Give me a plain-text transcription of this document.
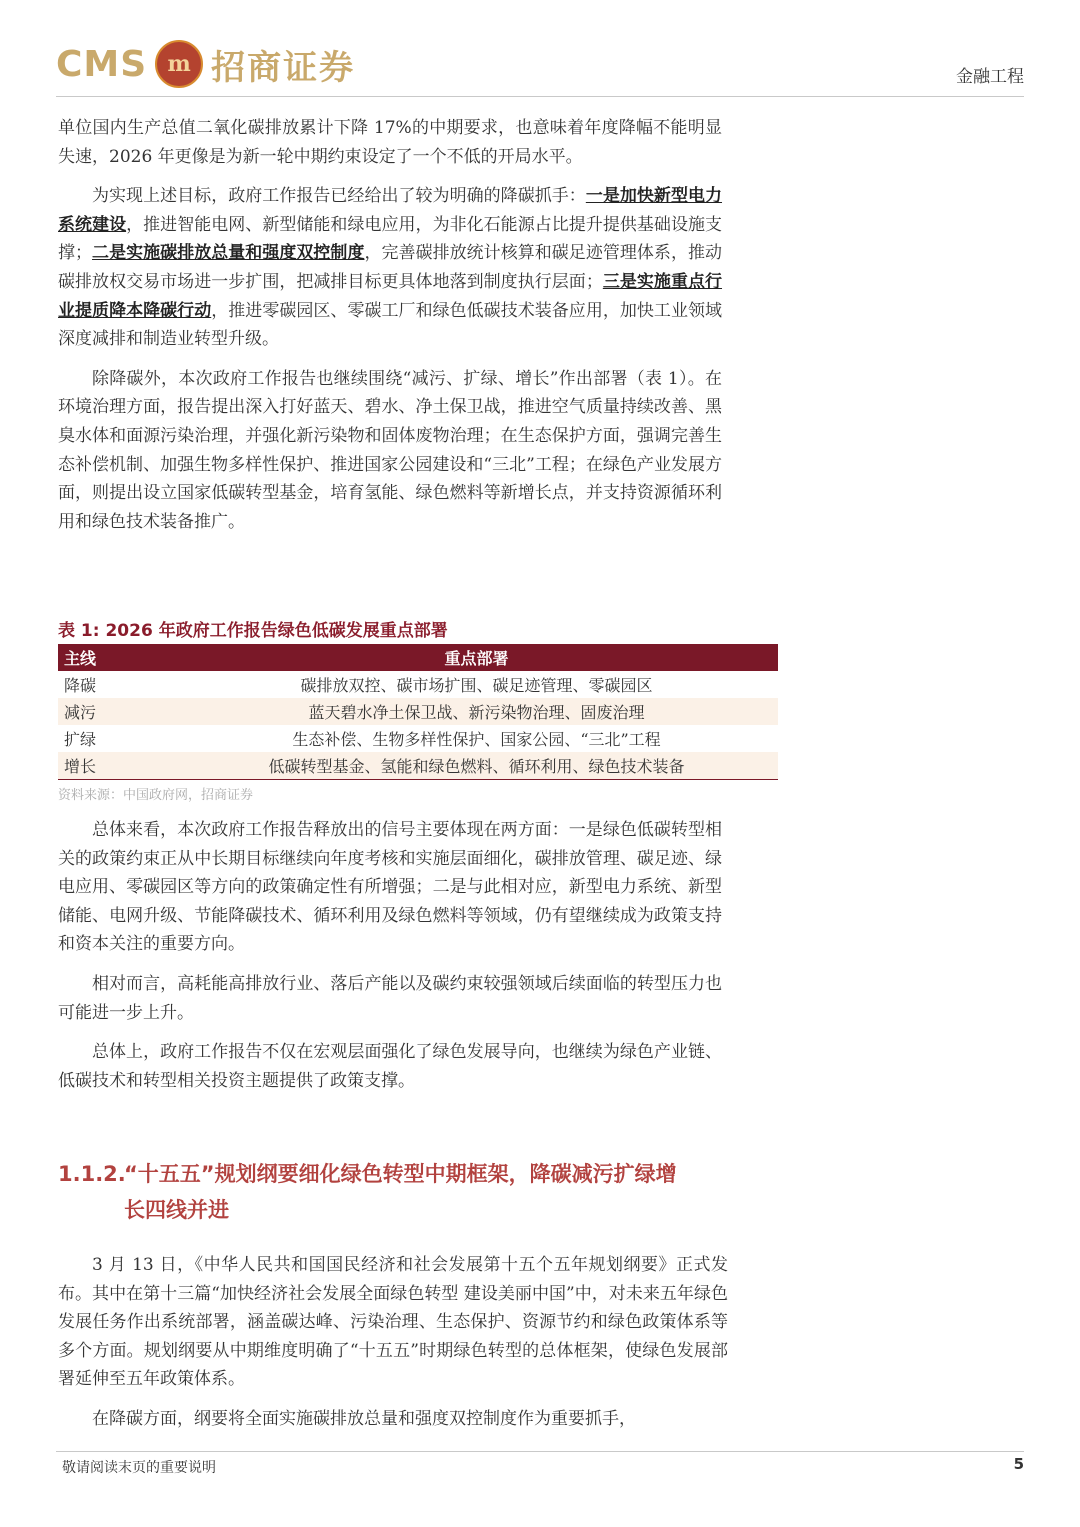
CMS m 招商证券	金融工程

单位国内生产总值二氧化碳排放累计下降 17%的中期要求，也意味着年度降幅不能明显失速，2026 年更像是为新一轮中期约束设定了一个不低的开局水平。

为实现上述目标，政府工作报告已经给出了较为明确的降碳抓手：一是加快新型电力系统建设，推进智能电网、新型储能和绿电应用，为非化石能源占比提升提供基础设施支撑；二是实施碳排放总量和强度双控制度，完善碳排放统计核算和碳足迹管理体系，推动碳排放权交易市场进一步扩围，把减排目标更具体地落到制度执行层面；三是实施重点行业提质降本降碳行动，推进零碳园区、零碳工厂和绿色低碳技术装备应用，加快工业领域深度减排和制造业转型升级。

除降碳外，本次政府工作报告也继续围绕“减污、扩绿、增长”作出部署（表 1）。在环境治理方面，报告提出深入打好蓝天、碧水、净土保卫战，推进空气质量持续改善、黑臭水体和面源污染治理，并强化新污染物和固体废物治理；在生态保护方面，强调完善生态补偿机制、加强生物多样性保护、推进国家公园建设和“三北”工程；在绿色产业发展方面，则提出设立国家低碳转型基金，培育氢能、绿色燃料等新增长点，并支持资源循环利用和绿色技术装备推广。

表 1: 2026 年政府工作报告绿色低碳发展重点部署
主线	重点部署
降碳	碳排放双控、碳市场扩围、碳足迹管理、零碳园区
减污	蓝天碧水净土保卫战、新污染物治理、固废治理
扩绿	生态补偿、生物多样性保护、国家公园、“三北”工程
增长	低碳转型基金、氢能和绿色燃料、循环利用、绿色技术装备
资料来源：中国政府网，招商证券

总体来看，本次政府工作报告释放出的信号主要体现在两方面：一是绿色低碳转型相关的政策约束正从中长期目标继续向年度考核和实施层面细化，碳排放管理、碳足迹、绿电应用、零碳园区等方向的政策确定性有所增强；二是与此相对应，新型电力系统、新型储能、电网升级、节能降碳技术、循环利用及绿色燃料等领域，仍有望继续成为政策支持和资本关注的重要方向。

相对而言，高耗能高排放行业、落后产能以及碳约束较强领域后续面临的转型压力也可能进一步上升。

总体上，政府工作报告不仅在宏观层面强化了绿色发展导向，也继续为绿色产业链、低碳技术和转型相关投资主题提供了政策支撑。

1.1.2.“十五五”规划纲要细化绿色转型中期框架，降碳减污扩绿增
长四线并进

3 月 13 日，《中华人民共和国国民经济和社会发展第十五个五年规划纲要》正式发布。其中在第十三篇“加快经济社会发展全面绿色转型 建设美丽中国”中，对未来五年绿色发展任务作出系统部署，涵盖碳达峰、污染治理、生态保护、资源节约和绿色政策体系等多个方面。规划纲要从中期维度明确了“十五五”时期绿色转型的总体框架，使绿色发展部署延伸至五年政策体系。

在降碳方面，纲要将全面实施碳排放总量和强度双控制度作为重要抓手，

敬请阅读末页的重要说明	5
